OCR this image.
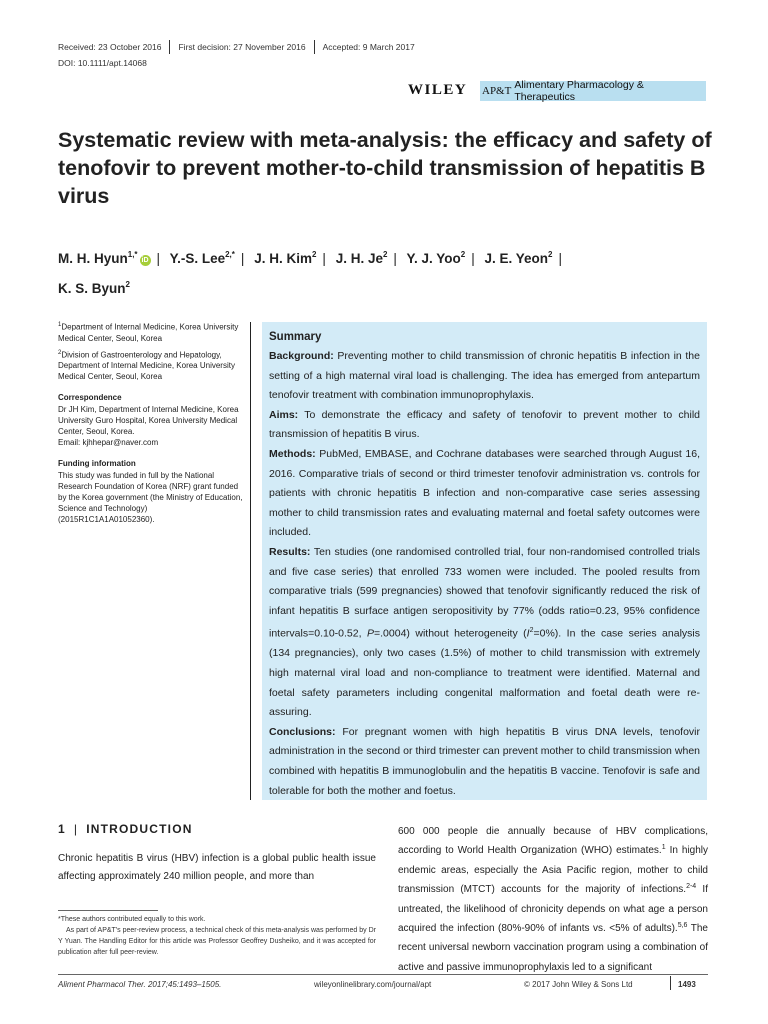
Received: 23 October 2016 First decision: 27 November 2016 Accepted: 9 March 2017
DOI: 10.1111/apt.14068
WILEY AP&T Alimentary Pharmacology & Therapeutics
Systematic review with meta-analysis: the efficacy and safety of tenofovir to prevent mother-to-child transmission of hepatitis B virus
M. H. Hyun$^{1,*}$iD | Y.-S. Lee$^{2,*}$ | J. H. Kim$^2$ | J. H. Je$^2$ | Y. J. Yoo$^2$ | J. E. Yeon$^2$ |
K. S. Byun$^2$

$^1$Department of Internal Medicine, Korea University Medical Center, Seoul, Korea

$^2$Division of Gastroenterology and Hepatology, Department of Internal Medicine, Korea University Medical Center, Seoul, Korea

Correspondence

Dr JH Kim, Department of Internal Medicine, Korea University Guro Hospital, Korea University Medical Center, Seoul, Korea.

Email: kjhhepar@naver.com

Funding information

This study was funded in full by the National Research Foundation of Korea (NRF) grant funded by the Korea government (the Ministry of Education, Science and Technology) (2015R1C1A1A01052360).

Summary

Background: Preventing mother to child transmission of chronic hepatitis B infection in the setting of a high maternal viral load is challenging. The idea has emerged from antepartum tenofovir treatment with combination immunoprophylaxis.

Aims: To demonstrate the efficacy and safety of tenofovir to prevent mother to child transmission of hepatitis B virus.

Methods: PubMed, EMBASE, and Cochrane databases were searched through August 16, 2016. Comparative trials of second or third trimester tenofovir administration vs. controls for patients with chronic hepatitis B infection and non-comparative case series assessing mother to child transmission rates and evaluating maternal and foetal safety outcomes were included.

Results: Ten studies (one randomised controlled trial, four non-randomised controlled trials and five case series) that enrolled 733 women were included. The pooled results from comparative trials (599 pregnancies) showed that tenofovir significantly reduced the risk of infant hepatitis B surface antigen seropositivity by 77% (odds ratio=0.23, 95% confidence intervals=0.10-0.52, P=.0004) without heterogeneity $(I^2=0\%)$. In the case series analysis (134 pregnancies), only two cases (1.5%) of mother to child transmission with extremely high maternal viral load and non-compliance to treatment were identified. Maternal and foetal safety parameters including congenital malformation and foetal death were re-assuring.

Conclusions: For pregnant women with high hepatitis B virus DNA levels, tenofovir administration in the second or third trimester can prevent mother to child transmission when combined with hepatitis B immunoglobulin and the hepatitis B vaccine. Tenofovir is safe and tolerable for both the mother and foetus.

1 | INTRODUCTION
Chronic hepatitis B virus (HBV) infection is a global public health issue affecting approximately 240 million people, and more than
600 000 people die annually because of HBV complications, according to World Health Organization (WHO) estimates.$^1$ In highly endemic areas, especially the Asia Pacific region, mother to child transmission (MTCT) accounts for the majority of infections.$^{2-4}$ If untreated, the likelihood of chronicity depends on what age a person acquired the infection (80%-90% of infants vs. <5% of adults).$^{5,6}$ The recent universal newborn vaccination program using a combination of active and passive immunoprophylaxis led to a significant

*These authors contributed equally to this work.

As part of AP&T's peer-review process, a technical check of this meta-analysis was performed by Dr Y Yuan. The Handling Editor for this article was Professor Geoffrey Dusheiko, and it was accepted for publication after full peer-review.

Aliment Pharmacol Ther. 2017;45:1493–1505.	wileyonlinelibrary.com/journal/apt	© 2017 John Wiley & Sons Ltd	1493
